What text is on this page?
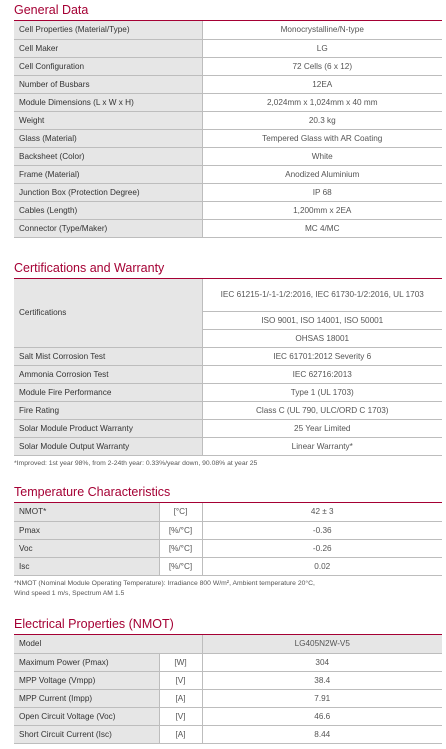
General Data
Cell Properties (Material/Type)	Monocrystalline/N-type
Cell Maker	LG
Cell Configuration	72 Cells (6 x 12)
Number of Busbars	12EA
Module Dimensions (L x W x H)	2,024mm x 1,024mm x 40 mm
Weight	20.3 kg
Glass (Material)	Tempered Glass with AR Coating
Backsheet (Color)	White
Frame (Material)	Anodized Aluminium
Junction Box (Protection Degree)	IP 68
Cables (Length)	1,200mm x 2EA
Connector (Type/Maker)	MC 4/MC
Certifications and Warranty
Certifications	IEC 61215-1/-1-1/2:2016, IEC 61730-1/2:2016, UL 1703
	ISO 9001, ISO 14001, ISO 50001
	OHSAS 18001
Salt Mist Corrosion Test	IEC 61701:2012 Severity 6
Ammonia Corrosion Test	IEC 62716:2013
Module Fire Performance	Type 1 (UL 1703)
Fire Rating	Class C (UL 790, ULC/ORD C 1703)
Solar Module Product Warranty	25 Year Limited
Solar Module Output Warranty	Linear Warranty*
*Improved: 1st year 98%, from 2-24th year: 0.33%/year down, 90.08% at year 25
Temperature Characteristics
NMOT*	[°C]	42 ± 3
Pmax	[%/°C]	-0.36
Voc	[%/°C]	-0.26
Isc	[%/°C]	0.02
*NMOT (Nominal Module Operating Temperature): Irradiance 800 W/m², Ambient temperature 20°C,
Wind speed 1 m/s, Spectrum AM 1.5
Electrical Properties (NMOT)
Model		LG405N2W-V5
Maximum Power (Pmax)	[W]	304
MPP Voltage (Vmpp)	[V]	38.4
MPP Current (Impp)	[A]	7.91
Open Circuit Voltage (Voc)	[V]	46.6
Short Circuit Current (Isc)	[A]	8.44
